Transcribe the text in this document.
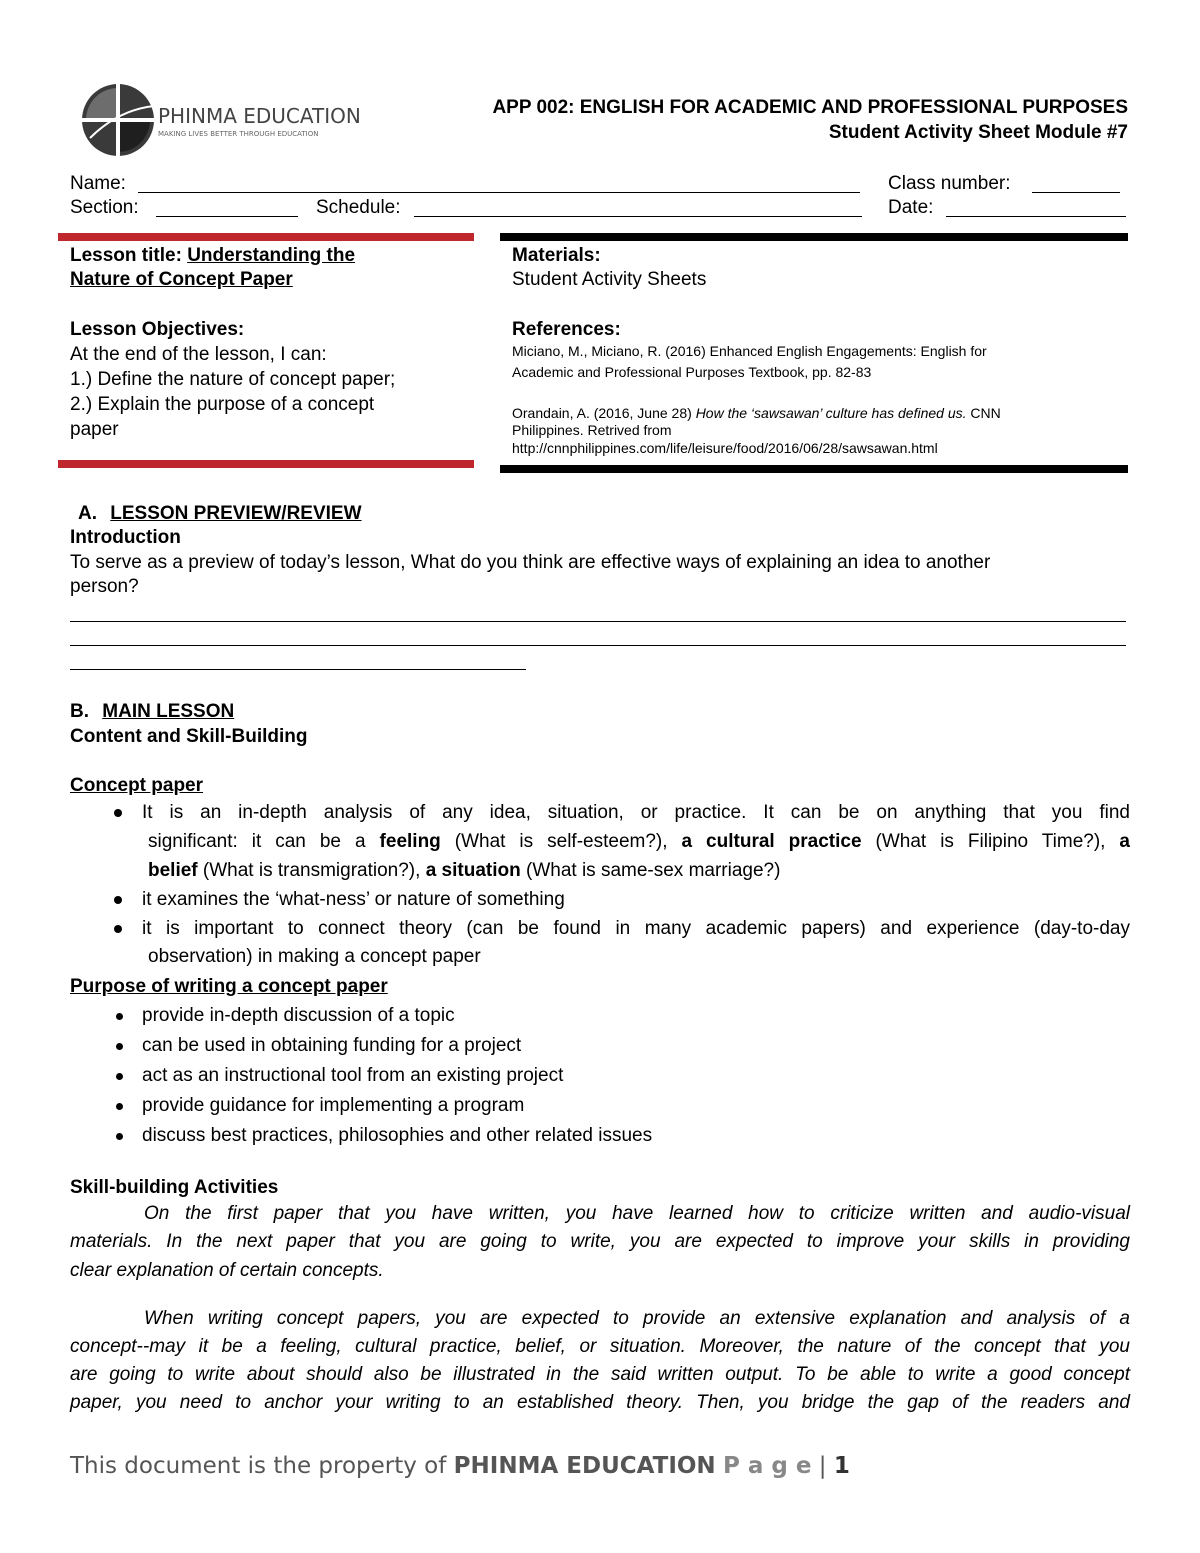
PHINMA EDUCATION
MAKING LIVES BETTER THROUGH EDUCATION
APP 002: ENGLISH FOR ACADEMIC AND PROFESSIONAL PURPOSES
Student Activity Sheet Module #7
Name:	Class number:
Section:	Schedule:	Date:
Lesson title: Understanding the
Nature of Concept Paper
Lesson Objectives:
At the end of the lesson, I can:
1.) Define the nature of concept paper;
2.) Explain the purpose of a concept
paper
Materials:
Student Activity Sheets
References:
Miciano, M., Miciano, R. (2016) Enhanced English Engagements: English for
Academic and Professional Purposes Textbook, pp. 82-83
Orandain, A. (2016, June 28) How the ‘sawsawan’ culture has defined us. CNN
Philippines. Retrived from
http://cnnphilippines.com/life/leisure/food/2016/06/28/sawsawan.html
A. LESSON PREVIEW/REVIEW
Introduction
To serve as a preview of today’s lesson, What do you think are effective ways of explaining an idea to another
person?
B. MAIN LESSON
Content and Skill-Building
Concept paper
It is an in-depth analysis of any idea, situation, or practice. It can be on anything that you find
significant: it can be a feeling (What is self-esteem?), a cultural practice (What is Filipino Time?), a
belief (What is transmigration?), a situation (What is same-sex marriage?)
it examines the ‘what-ness’ or nature of something
it is important to connect theory (can be found in many academic papers) and experience (day-to-day
observation) in making a concept paper
Purpose of writing a concept paper
provide in-depth discussion of a topic
can be used in obtaining funding for a project
act as an instructional tool from an existing project
provide guidance for implementing a program
discuss best practices, philosophies and other related issues
Skill-building Activities
On the first paper that you have written, you have learned how to criticize written and audio-visual
materials. In the next paper that you are going to write, you are expected to improve your skills in providing
clear explanation of certain concepts.
When writing concept papers, you are expected to provide an extensive explanation and analysis of a
concept--may it be a feeling, cultural practice, belief, or situation. Moreover, the nature of the concept that you
are going to write about should also be illustrated in the said written output. To be able to write a good concept
paper, you need to anchor your writing to an established theory. Then, you bridge the gap of the readers and
This document is the property of PHINMA EDUCATION P a g e | 1
